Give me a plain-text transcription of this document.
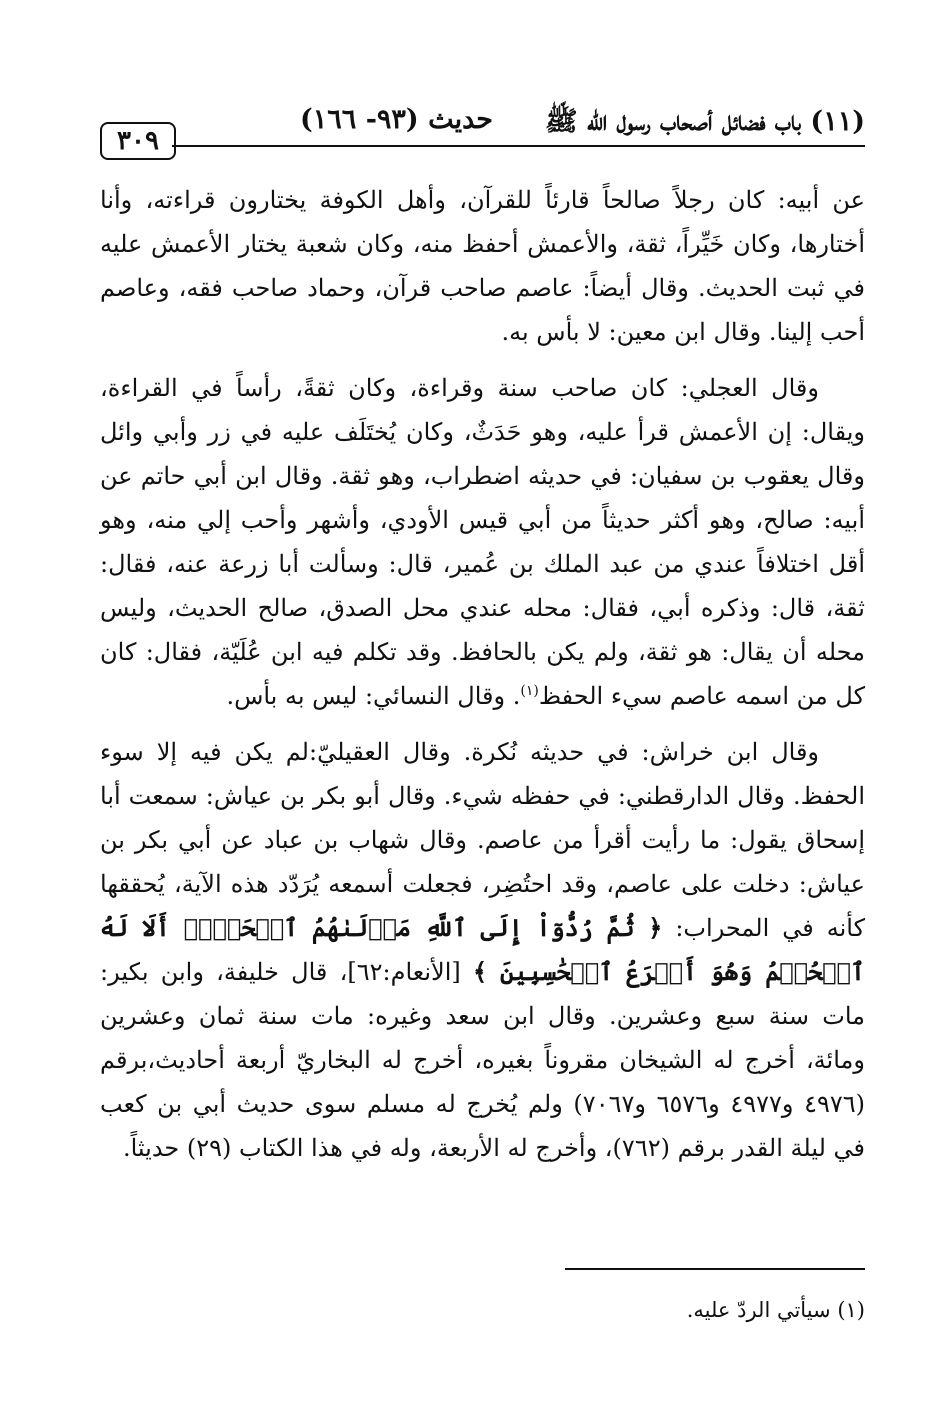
(١١) باب فضائل أصحاب رسول الله ﷺ
حديث (٩٣- ١٦٦)
٣٠٩

عن أبيه: كان رجلاً صالحاً قارئاً للقرآن، وأهل الكوفة يختارون قراءته، وأنا أختارها، وكان خَيِّراً، ثقة، والأعمش أحفظ منه، وكان شعبة يختار الأعمش عليه في ثبت الحديث. وقال أيضاً: عاصم صاحب قرآن، وحماد صاحب فقه، وعاصم أحب إلينا. وقال ابن معين: لا بأس به.

وقال العجلي: كان صاحب سنة وقراءة، وكان ثقةً، رأساً في القراءة، ويقال: إن الأعمش قرأ عليه، وهو حَدَثٌ، وكان يُختَلَف عليه في زر وأبي وائل وقال يعقوب بن سفيان: في حديثه اضطراب، وهو ثقة. وقال ابن أبي حاتم عن أبيه: صالح، وهو أكثر حديثاً من أبي قيس الأودي، وأشهر وأحب إلي منه، وهو أقل اختلافاً عندي من عبد الملك بن عُمير، قال: وسألت أبا زرعة عنه، فقال: ثقة، قال: وذكره أبي، فقال: محله عندي محل الصدق، صالح الحديث، وليس محله أن يقال: هو ثقة، ولم يكن بالحافظ. وقد تكلم فيه ابن عُلَيّة، فقال: كان كل من اسمه عاصم سيء الحفظ$^{(١)}$. وقال النسائي: ليس به بأس.

وقال ابن خراش: في حديثه نُكرة. وقال العقيليّ:لم يكن فيه إلا سوء الحفظ. وقال الدارقطني: في حفظه شيء. وقال أبو بكر بن عياش: سمعت أبا إسحاق يقول: ما رأيت أقرأ من عاصم. وقال شهاب بن عباد عن أبي بكر بن عياش: دخلت على عاصم، وقد احتُضِر، فجعلت أسمعه يُرَدّد هذه الآية، يُحققها كأنه في المحراب: ﴿ ثُمَّ رُدُّوٓاْ إِلَى ٱللَّهِ مَوۡلَىٰهُمُ ٱلۡحَقِّۚ أَلَا لَهُ ٱلۡحُكۡمُ وَهُوَ أَسۡرَعُ ٱلۡحَٰسِبِينَ ﴾ [الأنعام:٦٢]، قال خليفة، وابن بكير: مات سنة سبع وعشرين. وقال ابن سعد وغيره: مات سنة ثمان وعشرين ومائة، أخرج له الشيخان مقروناً بغيره، أخرج له البخاريّ أربعة أحاديث،برقم (٤٩٧٦ و٤٩٧٧ و٦٥٧٦ و٧٠٦٧) ولم يُخرج له مسلم سوى حديث أبي بن كعب في ليلة القدر برقم (٧٦٢)، وأخرج له الأربعة، وله في هذا الكتاب (٢٩) حديثاً.

(١) سيأتي الردّ عليه.
